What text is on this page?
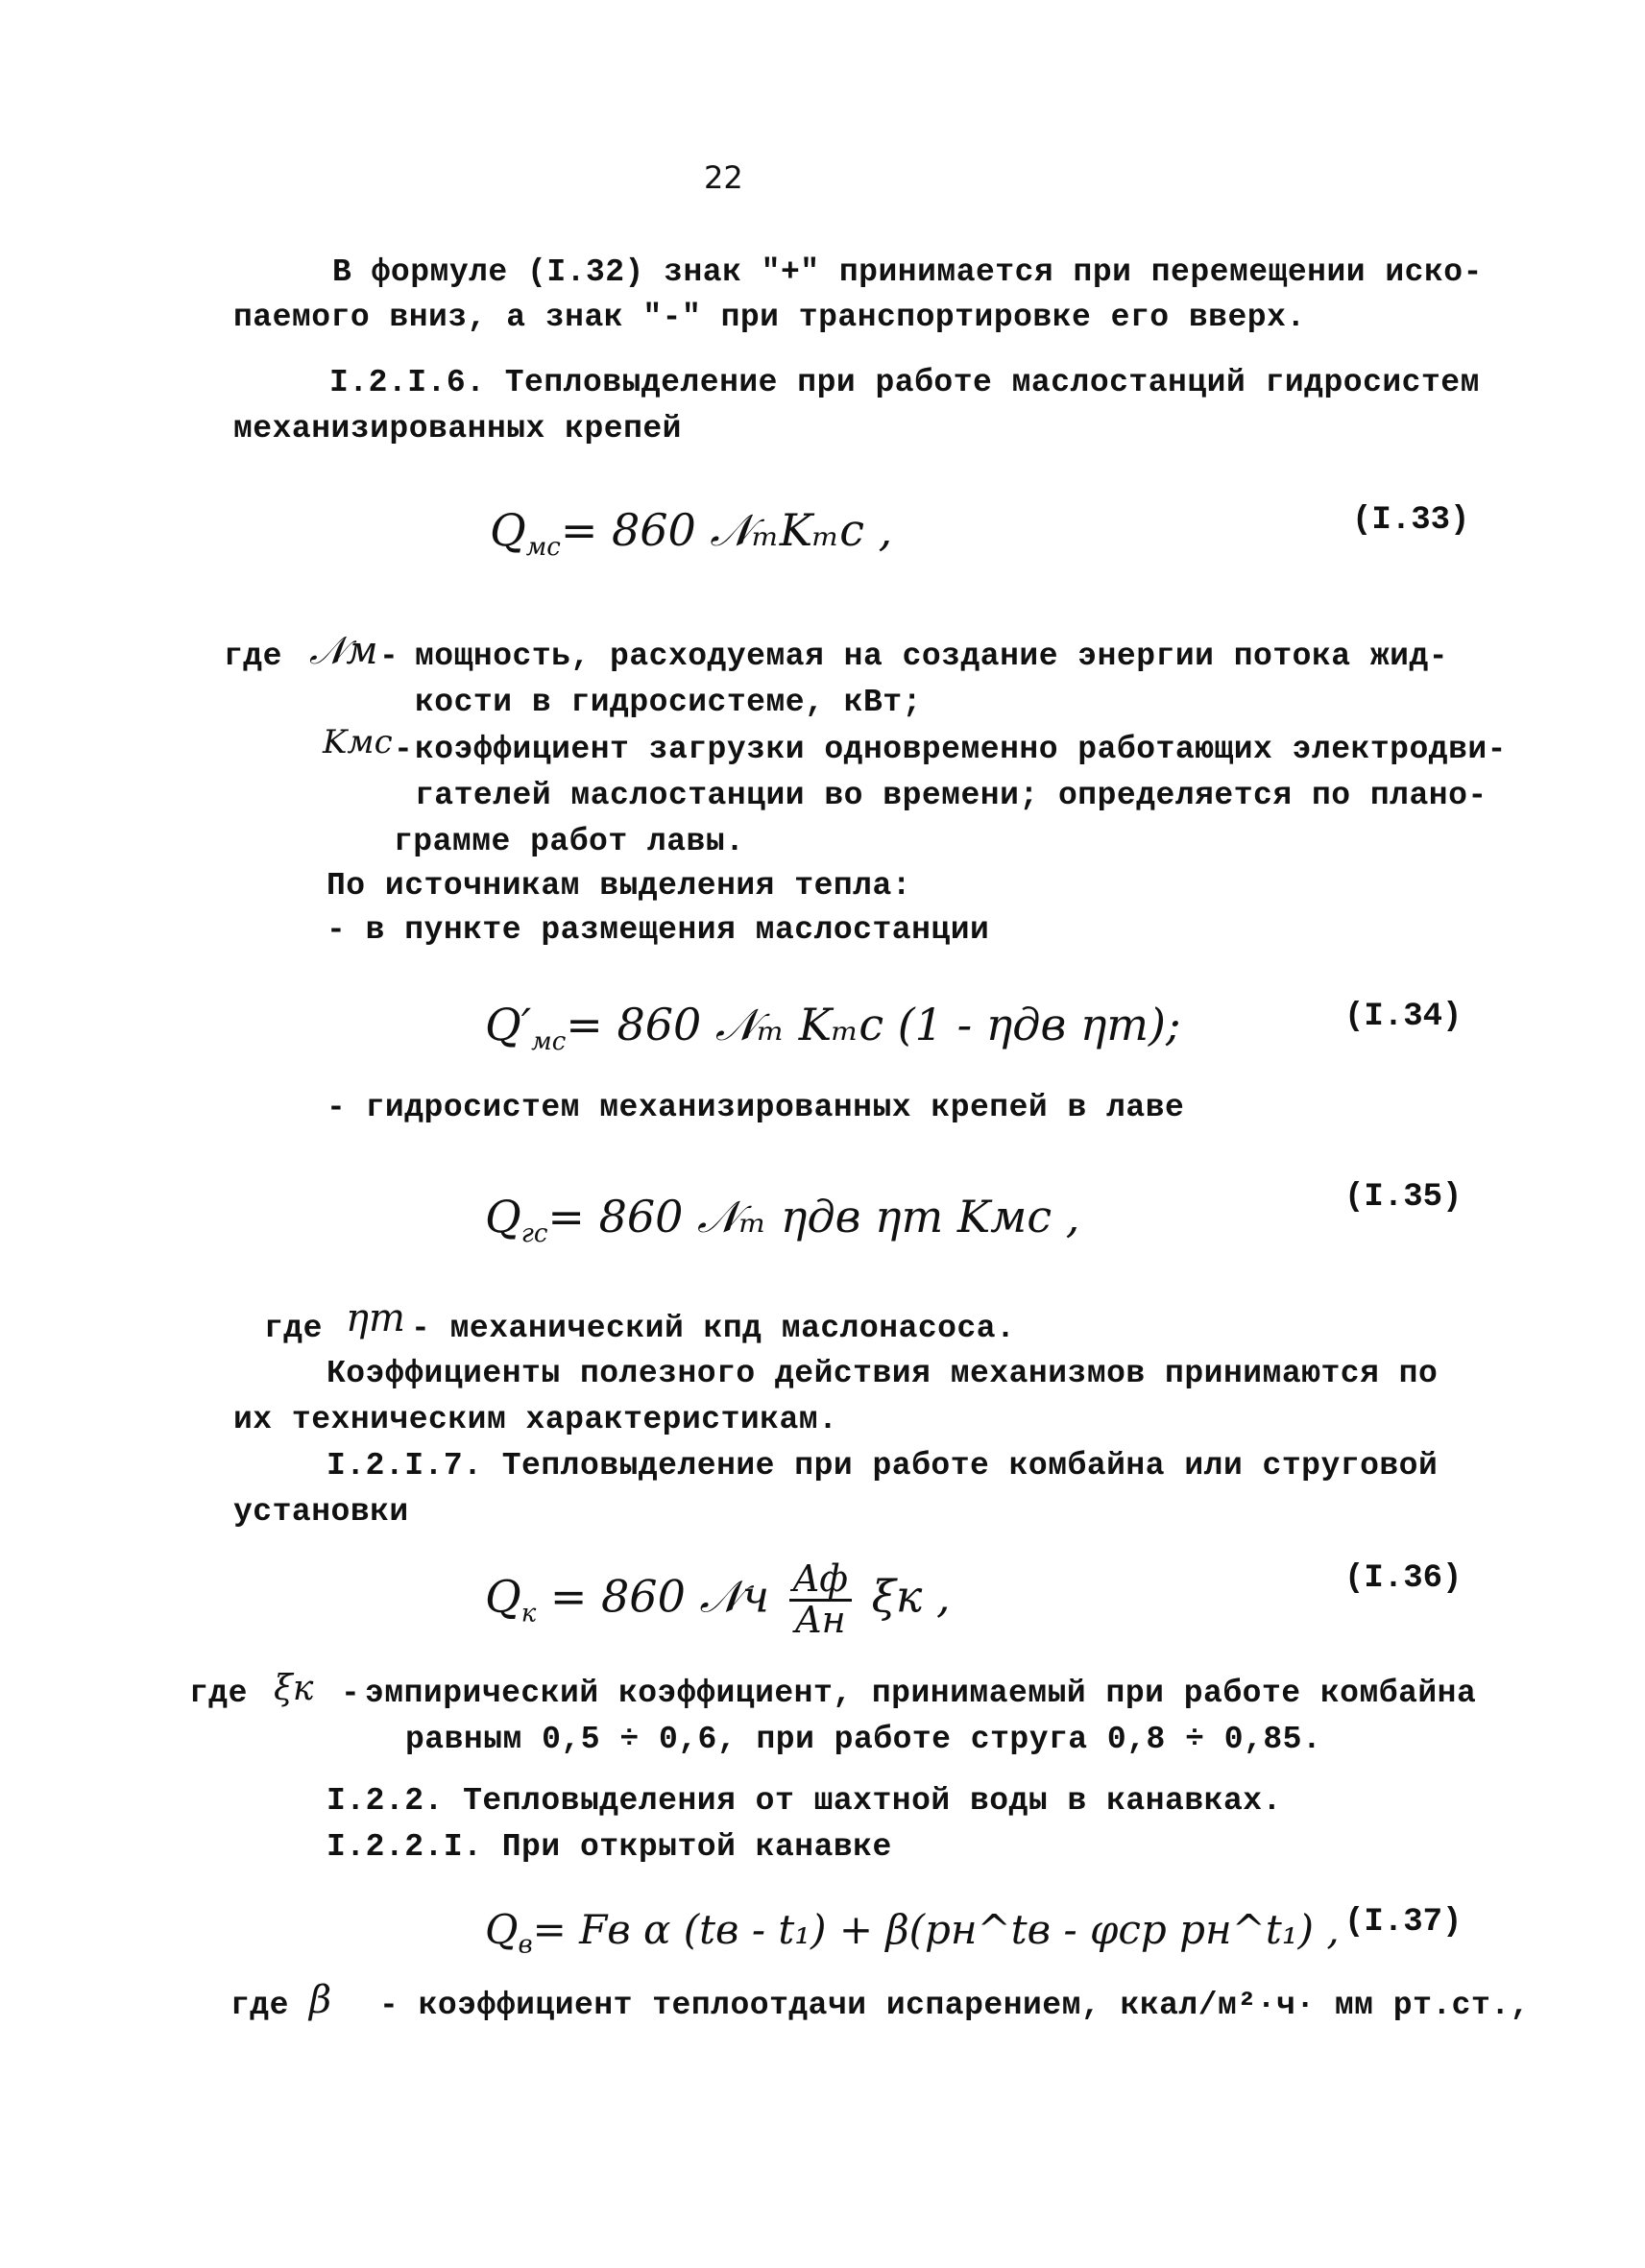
22
В формуле (I.32) знак "+" принимается при перемещении иско-
паемого вниз, а знак "-" при транспортировке его вверх.
I.2.I.6. Тепловыделение при работе маслостанций гидросистем
механизированных крепей
$Q_{мс}= 860$ 𝒩ₘKₘc ,	(I.33)
где 𝒩м - мощность, расходуемая на создание энергии потока жид-
кости в гидросистеме, кВт;
Kмс - коэффициент загрузки одновременно работающих электродви-
гателей маслостанции во времени; определяется по плано-
грамме работ лавы.
По источникам выделения тепла:
- в пункте размещения маслостанции
$Q'_{мс}= 860$ 𝒩ₘ Kₘc (1 - ηдв ηm);	(I.34)
- гидросистем механизированных крепей в лаве
$Q_{гс}= 860$ 𝒩ₘ ηдв ηm Kмс ,	(I.35)
где ηm - механический кпд маслонасоса.
Коэффициенты полезного действия механизмов принимаются по
их техническим характеристикам.
I.2.I.7. Тепловыделение при работе комбайна или струговой
установки
$Q_к = 860$ 𝒩ч $\frac{Aф}{Aн}$ ξк ,	(I.36)
где ξк - эмпирический коэффициент, принимаемый при работе комбайна
равным 0,5 ÷ 0,6, при работе струга 0,8 ÷ 0,85.
I.2.2. Тепловыделения от шахтной воды в канавках.
I.2.2.I. При открытой канавке
$Q_в=$ Fв α (tв - t₁) + β(pн^tв - φср pн^t₁) , (I.37)
где β - коэффициент теплоотдачи испарением, ккал/м²·ч· мм рт.ст.,
